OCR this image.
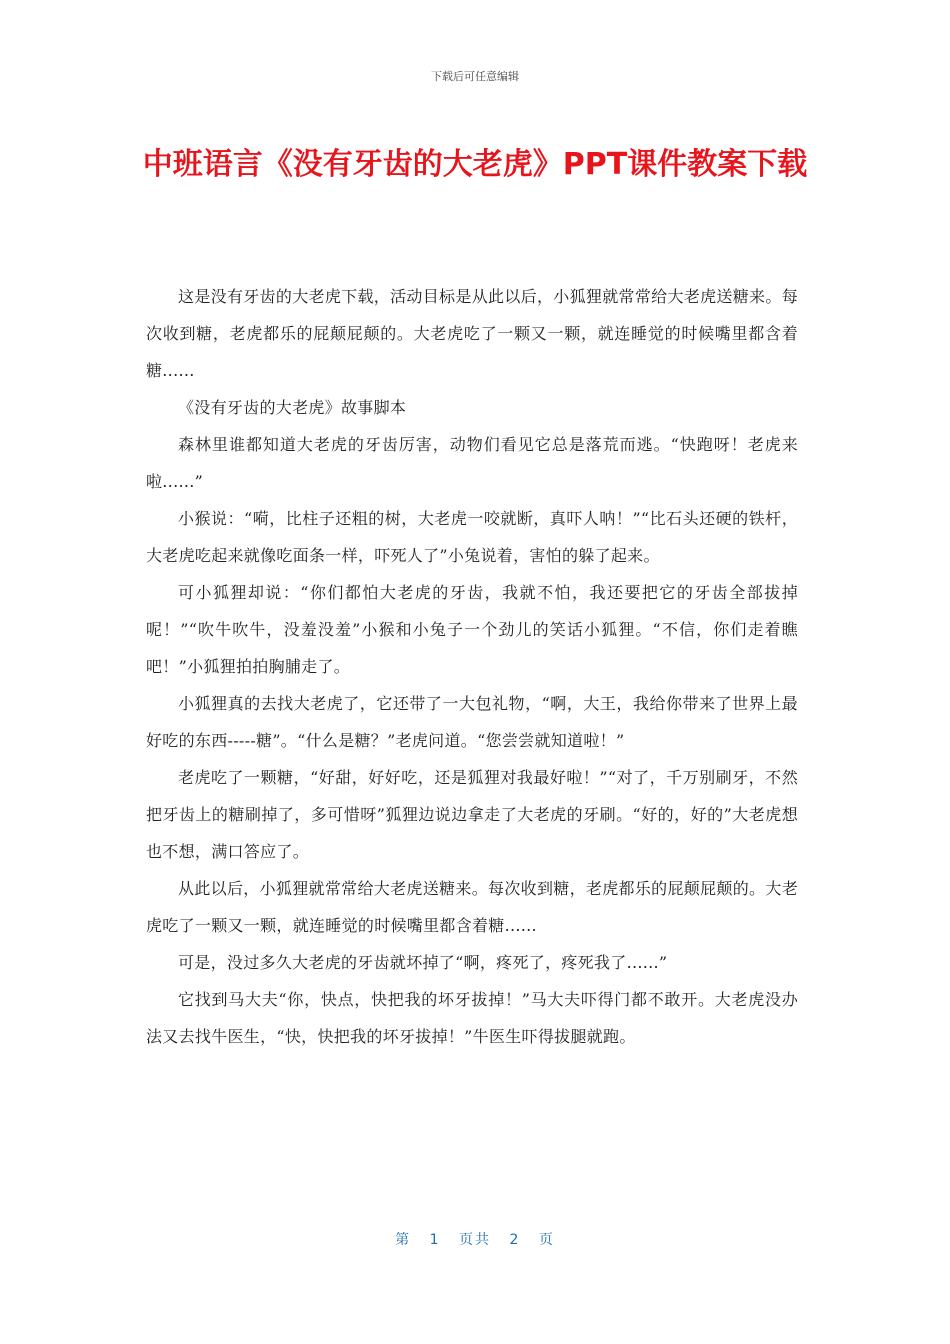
下载后可任意编辑
中班语言《没有牙齿的大老虎》PPT课件教案下载

这是没有牙齿的大老虎下载，活动目标是从此以后，小狐狸就常常给大老虎送糖来。每次收到糖，老虎都乐的屁颠屁颠的。大老虎吃了一颗又一颗，就连睡觉的时候嘴里都含着糖......

《没有牙齿的大老虎》故事脚本

森林里谁都知道大老虎的牙齿厉害，动物们看见它总是落荒而逃。“快跑呀！老虎来啦......”

小猴说：“嗬，比柱子还粗的树，大老虎一咬就断，真吓人呐！”“比石头还硬的铁杆，大老虎吃起来就像吃面条一样，吓死人了”小兔说着，害怕的躲了起来。

可小狐狸却说：“你们都怕大老虎的牙齿，我就不怕，我还要把它的牙齿全部拔掉呢！”“吹牛吹牛，没羞没羞”小猴和小兔子一个劲儿的笑话小狐狸。“不信，你们走着瞧吧！”小狐狸拍拍胸脯走了。

小狐狸真的去找大老虎了，它还带了一大包礼物，“啊，大王，我给你带来了世界上最好吃的东西-----糖”。“什么是糖？”老虎问道。“您尝尝就知道啦！”

老虎吃了一颗糖，“好甜，好好吃，还是狐狸对我最好啦！”“对了，千万别刷牙，不然把牙齿上的糖刷掉了，多可惜呀”狐狸边说边拿走了大老虎的牙刷。“好的，好的”大老虎想也不想，满口答应了。

从此以后，小狐狸就常常给大老虎送糖来。每次收到糖，老虎都乐的屁颠屁颠的。大老虎吃了一颗又一颗，就连睡觉的时候嘴里都含着糖......

可是，没过多久大老虎的牙齿就坏掉了“啊，疼死了，疼死我了......”

它找到马大夫“你，快点，快把我的坏牙拔掉！”马大夫吓得门都不敢开。大老虎没办法又去找牛医生，“快，快把我的坏牙拔掉！”牛医生吓得拔腿就跑。

第 1 页共 2 页
